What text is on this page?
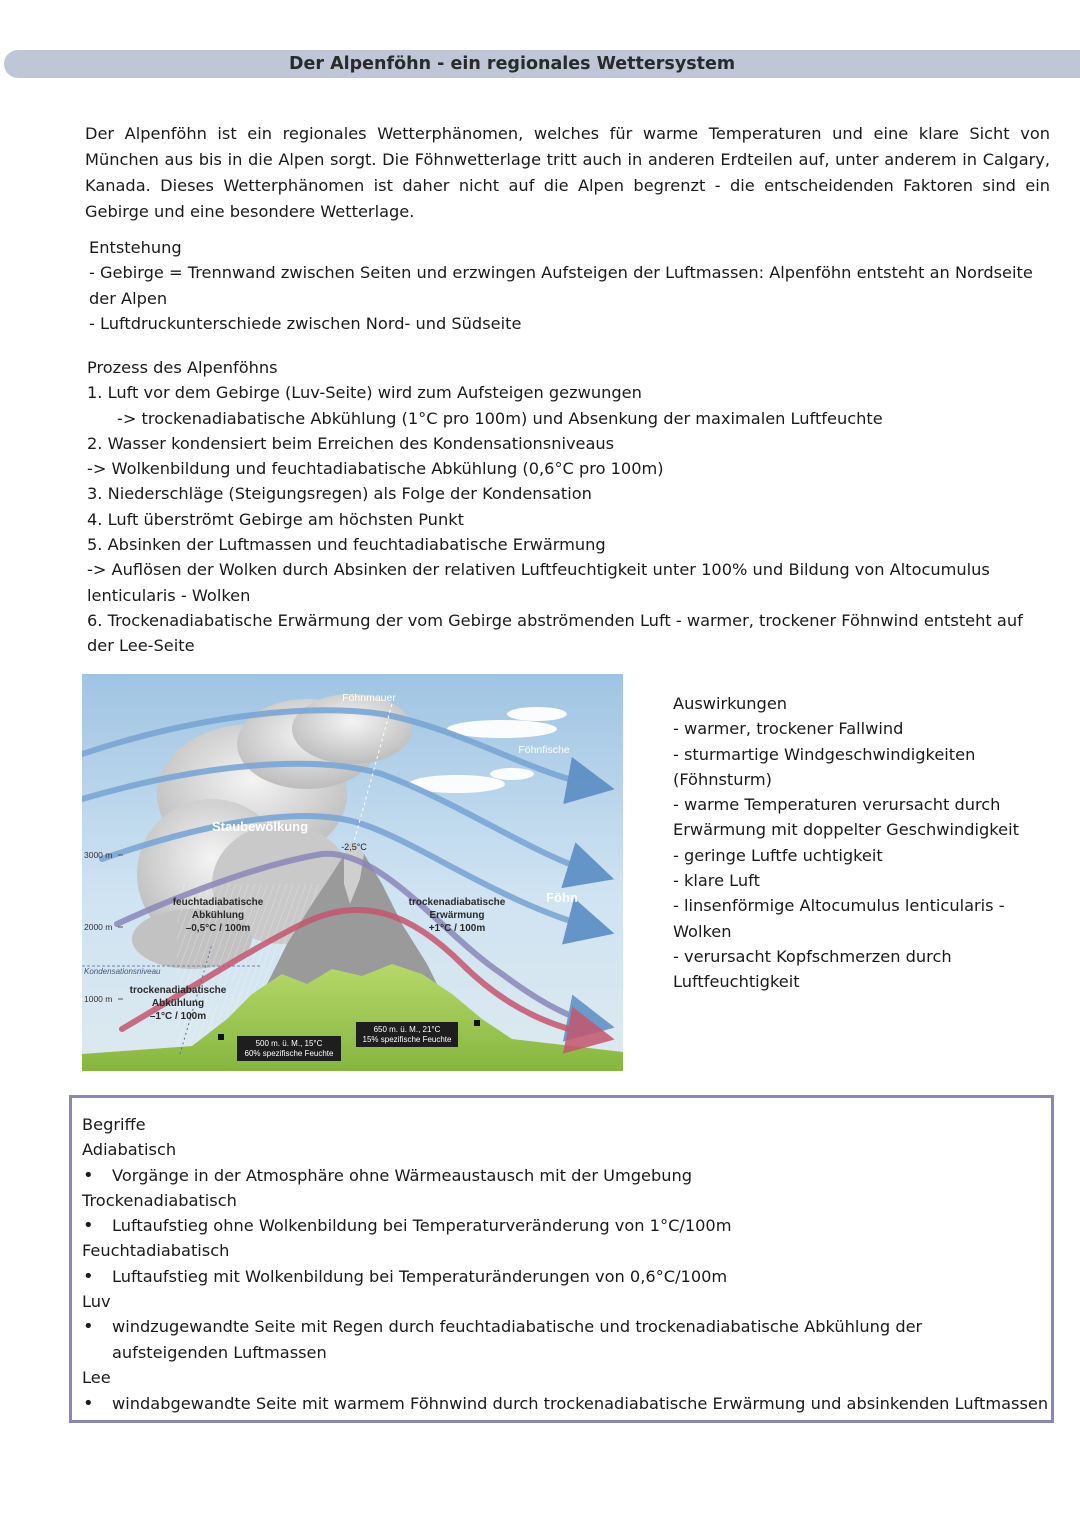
Der Alpenföhn - ein regionales Wettersystem
Der Alpenföhn ist ein regionales Wetterphänomen, welches für warme Temperaturen und eine klare Sicht von München aus bis in die Alpen sorgt. Die Föhnwetterlage tritt auch in anderen Erdteilen auf, unter anderem in Calgary, Kanada. Dieses Wetterphänomen ist daher nicht auf die Alpen begrenzt - die entscheidenden Faktoren sind ein Gebirge und eine besondere Wetterlage.
Entstehung
- Gebirge = Trennwand zwischen Seiten und erzwingen Aufsteigen der Luftmassen: Alpenföhn entsteht an Nordseite
der Alpen
- Luftdruckunterschiede zwischen Nord- und Südseite
Prozess des Alpenföhns
1. Luft vor dem Gebirge (Luv-Seite) wird zum Aufsteigen gezwungen
-> trockenadiabatische Abkühlung (1°C pro 100m) und Absenkung der maximalen Luftfeuchte
2. Wasser kondensiert beim Erreichen des Kondensationsniveaus
-> Wolkenbildung und feuchtadiabatische Abkühlung (0,6°C pro 100m)
3. Niederschläge (Steigungsregen) als Folge der Kondensation
4. Luft überströmt Gebirge am höchsten Punkt
5. Absinken der Luftmassen und feuchtadiabatische Erwärmung
-> Auflösen der Wolken durch Absinken der relativen Luftfeuchtigkeit unter 100% und Bildung von Altocumulus
lenticularis - Wolken
6. Trockenadiabatische Erwärmung der vom Gebirge abströmenden Luft - warmer, trockener Föhnwind entsteht auf
der Lee-Seite
Föhnmauer
Föhnfische
Staubewölkung
-2,5°C
3000 m
2000 m
1000 m
Kondensationsniveau
feuchtadiabatische
Abkühlung
–0,5°C / 100m
trockenadiabatische
Erwärmung
+1°C / 100m
Föhn
trockenadiabatische
Abkühlung
–1°C / 100m
500 m. ü. M., 15°C
60% spezifische Feuchte
650 m. ü. M., 21°C
15% spezifische Feuchte
Auswirkungen
- warmer, trockener Fallwind
- sturmartige Windgeschwindigkeiten
(Föhnsturm)
- warme Temperaturen verursacht durch
Erwärmung mit doppelter Geschwindigkeit
- geringe Luftfe uchtigkeit
- klare Luft
- linsenförmige Altocumulus lenticularis -
Wolken
- verursacht Kopfschmerzen durch
Luftfeuchtigkeit
Begriffe
Adiabatisch
• Vorgänge in der Atmosphäre ohne Wärmeaustausch mit der Umgebung
Trockenadiabatisch
• Luftaufstieg ohne Wolkenbildung bei Temperaturveränderung von 1°C/100m
Feuchtadiabatisch
• Luftaufstieg mit Wolkenbildung bei Temperaturänderungen von 0,6°C/100m
Luv
• windzugewandte Seite mit Regen durch feuchtadiabatische und trockenadiabatische Abkühlung der aufsteigenden Luftmassen
Lee
• windabgewandte Seite mit warmem Föhnwind durch trockenadiabatische Erwärmung und absinkenden Luftmassen
